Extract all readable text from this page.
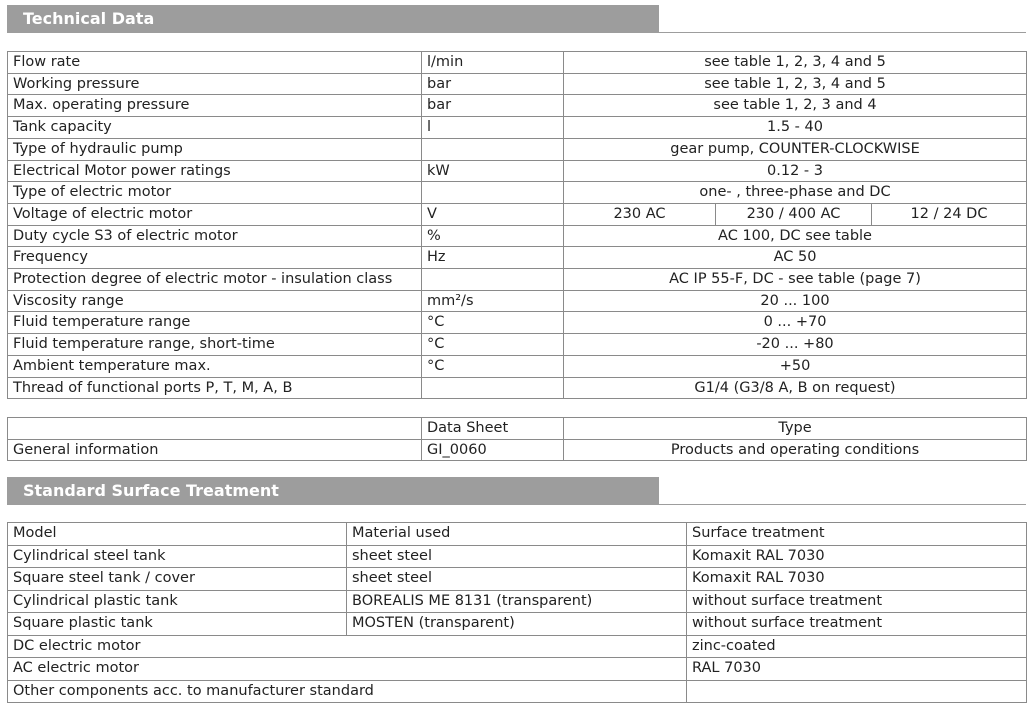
Technical Data
Flow rate	l/min	see table 1, 2, 3, 4 and 5		
Working pressure	bar	see table 1, 2, 3, 4 and 5		
Max. operating pressure	bar	see table 1, 2, 3 and 4		
Tank capacity	l	1.5 - 40		
Type of hydraulic pump		gear pump, COUNTER-CLOCKWISE		
Electrical Motor power ratings	kW	0.12 - 3		
Type of electric motor		one- , three-phase and DC		
Voltage of electric motor	V	230 AC	230 / 400 AC	12 / 24 DC
Duty cycle S3 of electric motor	%	AC 100, DC see table		
Frequency	Hz	AC 50		
Protection degree of electric motor - insulation class		AC IP 55-F, DC - see table (page 7)		
Viscosity range	mm²/s	20 ... 100		
Fluid temperature range	°C	0 ... +70		
Fluid temperature range, short-time	°C	-20 ... +80		
Ambient temperature max.	°C	+50		
Thread of functional ports P, T, M, A, B		G1/4 (G3/8 A, B on request)		
	Data Sheet	Type
General information	GI_0060	Products and operating conditions
Standard Surface Treatment
Model	Material used	Surface treatment
Cylindrical steel tank	sheet steel	Komaxit RAL 7030
Square steel tank / cover	sheet steel	Komaxit RAL 7030
Cylindrical plastic tank	BOREALIS ME 8131 (transparent)	without surface treatment
Square plastic tank	MOSTEN (transparent)	without surface treatment
DC electric motor		zinc-coated
AC electric motor		RAL 7030
Other components acc. to manufacturer standard		
